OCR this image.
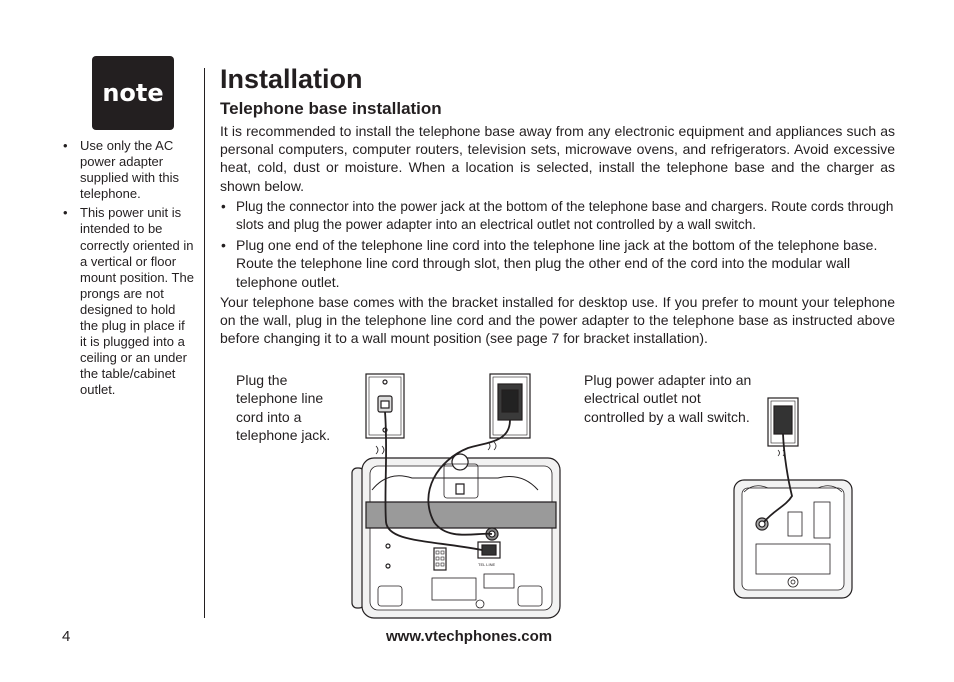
note
• Use only the AC power adapter supplied with this telephone.
• This power unit is intended to be correctly oriented in a vertical or floor mount position. The prongs are not designed to hold the plug in place if it is plugged into a ceiling or an under the table/cabinet outlet.
Installation
Telephone base installation

It is recommended to install the telephone base away from any electronic equipment and appliances such as personal computers, computer routers, television sets, microwave ovens, and refrigerators. Avoid excessive heat, cold, dust or moisture. When a location is selected, install the telephone base and the charger as shown below.

• Plug the connector into the power jack at the bottom of the telephone base and chargers. Route cords through slots and plug the power adapter into an electrical outlet not controlled by a wall switch.
• Plug one end of the telephone line cord into the telephone line jack at the bottom of the telephone base. Route the telephone line cord through slot, then plug the other end of the cord into the modular wall telephone outlet.

Your telephone base comes with the bracket installed for desktop use. If you prefer to mount your telephone on the wall, plug in the telephone line cord and the power adapter to the telephone base as instructed above before changing it to a wall mount position (see page 7 for bracket installation).

Plug the telephone line cord into a telephone jack.

Plug power adapter into an electrical outlet not controlled by a wall switch.

TEL LINE
4	www.vtechphones.com
